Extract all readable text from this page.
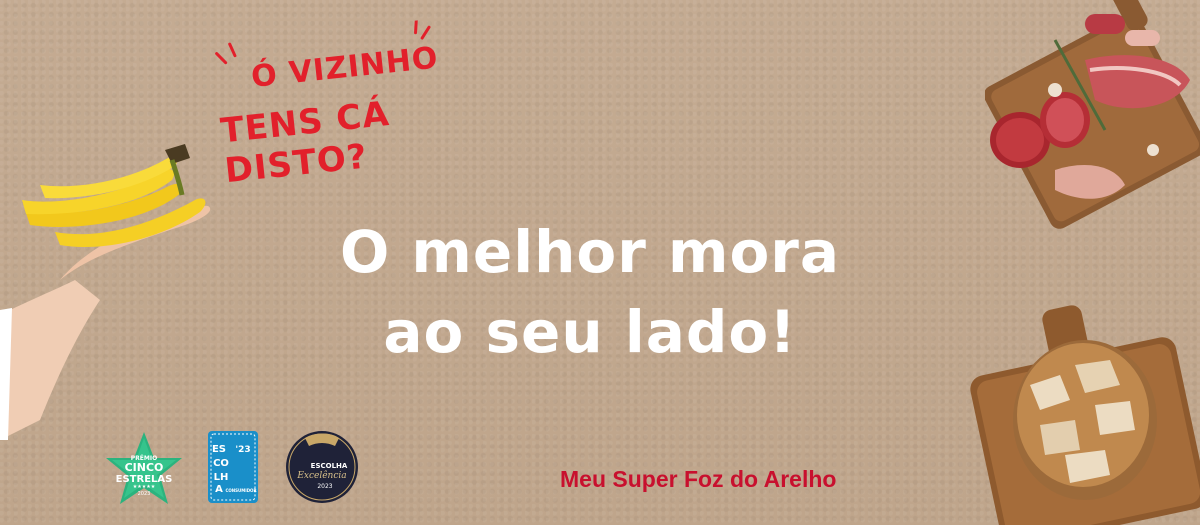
Ó VIZINHO
TENS CÁ DISTO?
O melhor mora
ao seu lado!
PRÉMIO
CINCO
ESTRELAS
★★★★★
2023
'23
ES
CO
LH
A CONSUMIDOR
ESCOLHA
Excelência
2023	Meu Super Foz do Arelho
